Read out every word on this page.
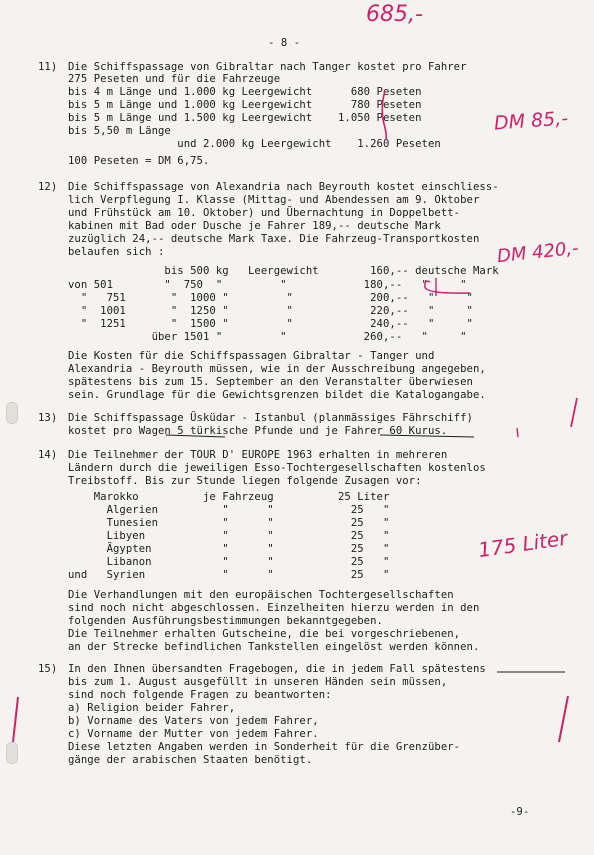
685,-
- 8 -
11) Die Schiffspassage von Gibraltar nach Tanger kostet pro Fahrer
275 Peseten und für die Fahrzeuge
bis 4 m Länge und 1.000 kg Leergewicht      680 Peseten
bis 5 m Länge und 1.000 kg Leergewicht      780 Peseten
bis 5 m Länge und 1.500 kg Leergewicht    1.050 Peseten
bis 5,50 m Länge
und 2.000 kg Leergewicht    1.260 Peseten
100 Peseten = DM 6,75.
DM 85,-
12) Die Schiffspassage von Alexandria nach Beyrouth kostet einschliess-
lich Verpflegung I. Klasse (Mittag- und Abendessen am 9. Oktober
und Frühstück am 10. Oktober) und Übernachtung in Doppelbett-
kabinen mit Bad oder Dusche je Fahrer 189,-- deutsche Mark
zuzüglich 24,-- deutsche Mark Taxe. Die Fahrzeug-Transportkosten
belaufen sich :
bis 500 kg   Leergewicht        160,-- deutsche Mark
von 501        "  750  "         "            180,--   "     "
"   751       "  1000 "         "            200,--   "     "
"  1001       "  1250 "         "            220,--   "     "
"  1251       "  1500 "         "            240,--   "     "
über 1501 "         "            260,--   "     "
Die Kosten für die Schiffspassagen Gibraltar - Tanger und
Alexandria - Beyrouth müssen, wie in der Ausschreibung angegeben,
spätestens bis zum 15. September an den Veranstalter überwiesen
sein. Grundlage für die Gewichtsgrenzen bildet die Katalogangabe.
DM 420,-
13) Die Schiffspassage Üsküdar - Istanbul (planmässiges Fährschiff)
kostet pro Wagen 5 türkische Pfunde und je Fahrer 60 Kurus.
14) Die Teilnehmer der TOUR D' EUROPE 1963 erhalten in mehreren
Ländern durch die jeweiligen Esso-Tochtergesellschaften kostenlos
Treibstoff. Bis zur Stunde liegen folgende Zusagen vor:
Marokko          je Fahrzeug          25 Liter
Algerien          "      "            25   "
Tunesien          "      "            25   "
Libyen            "      "            25   "
Ägypten           "      "            25   "
Libanon           "      "            25   "
und   Syrien            "      "            25   "
Die Verhandlungen mit den europäischen Tochtergesellschaften
sind noch nicht abgeschlossen. Einzelheiten hierzu werden in den
folgenden Ausführungsbestimmungen bekanntgegeben.
Die Teilnehmer erhalten Gutscheine, die bei vorgeschriebenen,
an der Strecke befindlichen Tankstellen eingelöst werden können.
175 Liter
15) In den Ihnen übersandten Fragebogen, die in jedem Fall spätestens
bis zum 1. August ausgefüllt in unseren Händen sein müssen,
sind noch folgende Fragen zu beantworten:
a) Religion beider Fahrer,
b) Vorname des Vaters von jedem Fahrer,
c) Vorname der Mutter von jedem Fahrer.
Diese letzten Angaben werden in Sonderheit für die Grenzüber-
gänge der arabischen Staaten benötigt.
-9-
